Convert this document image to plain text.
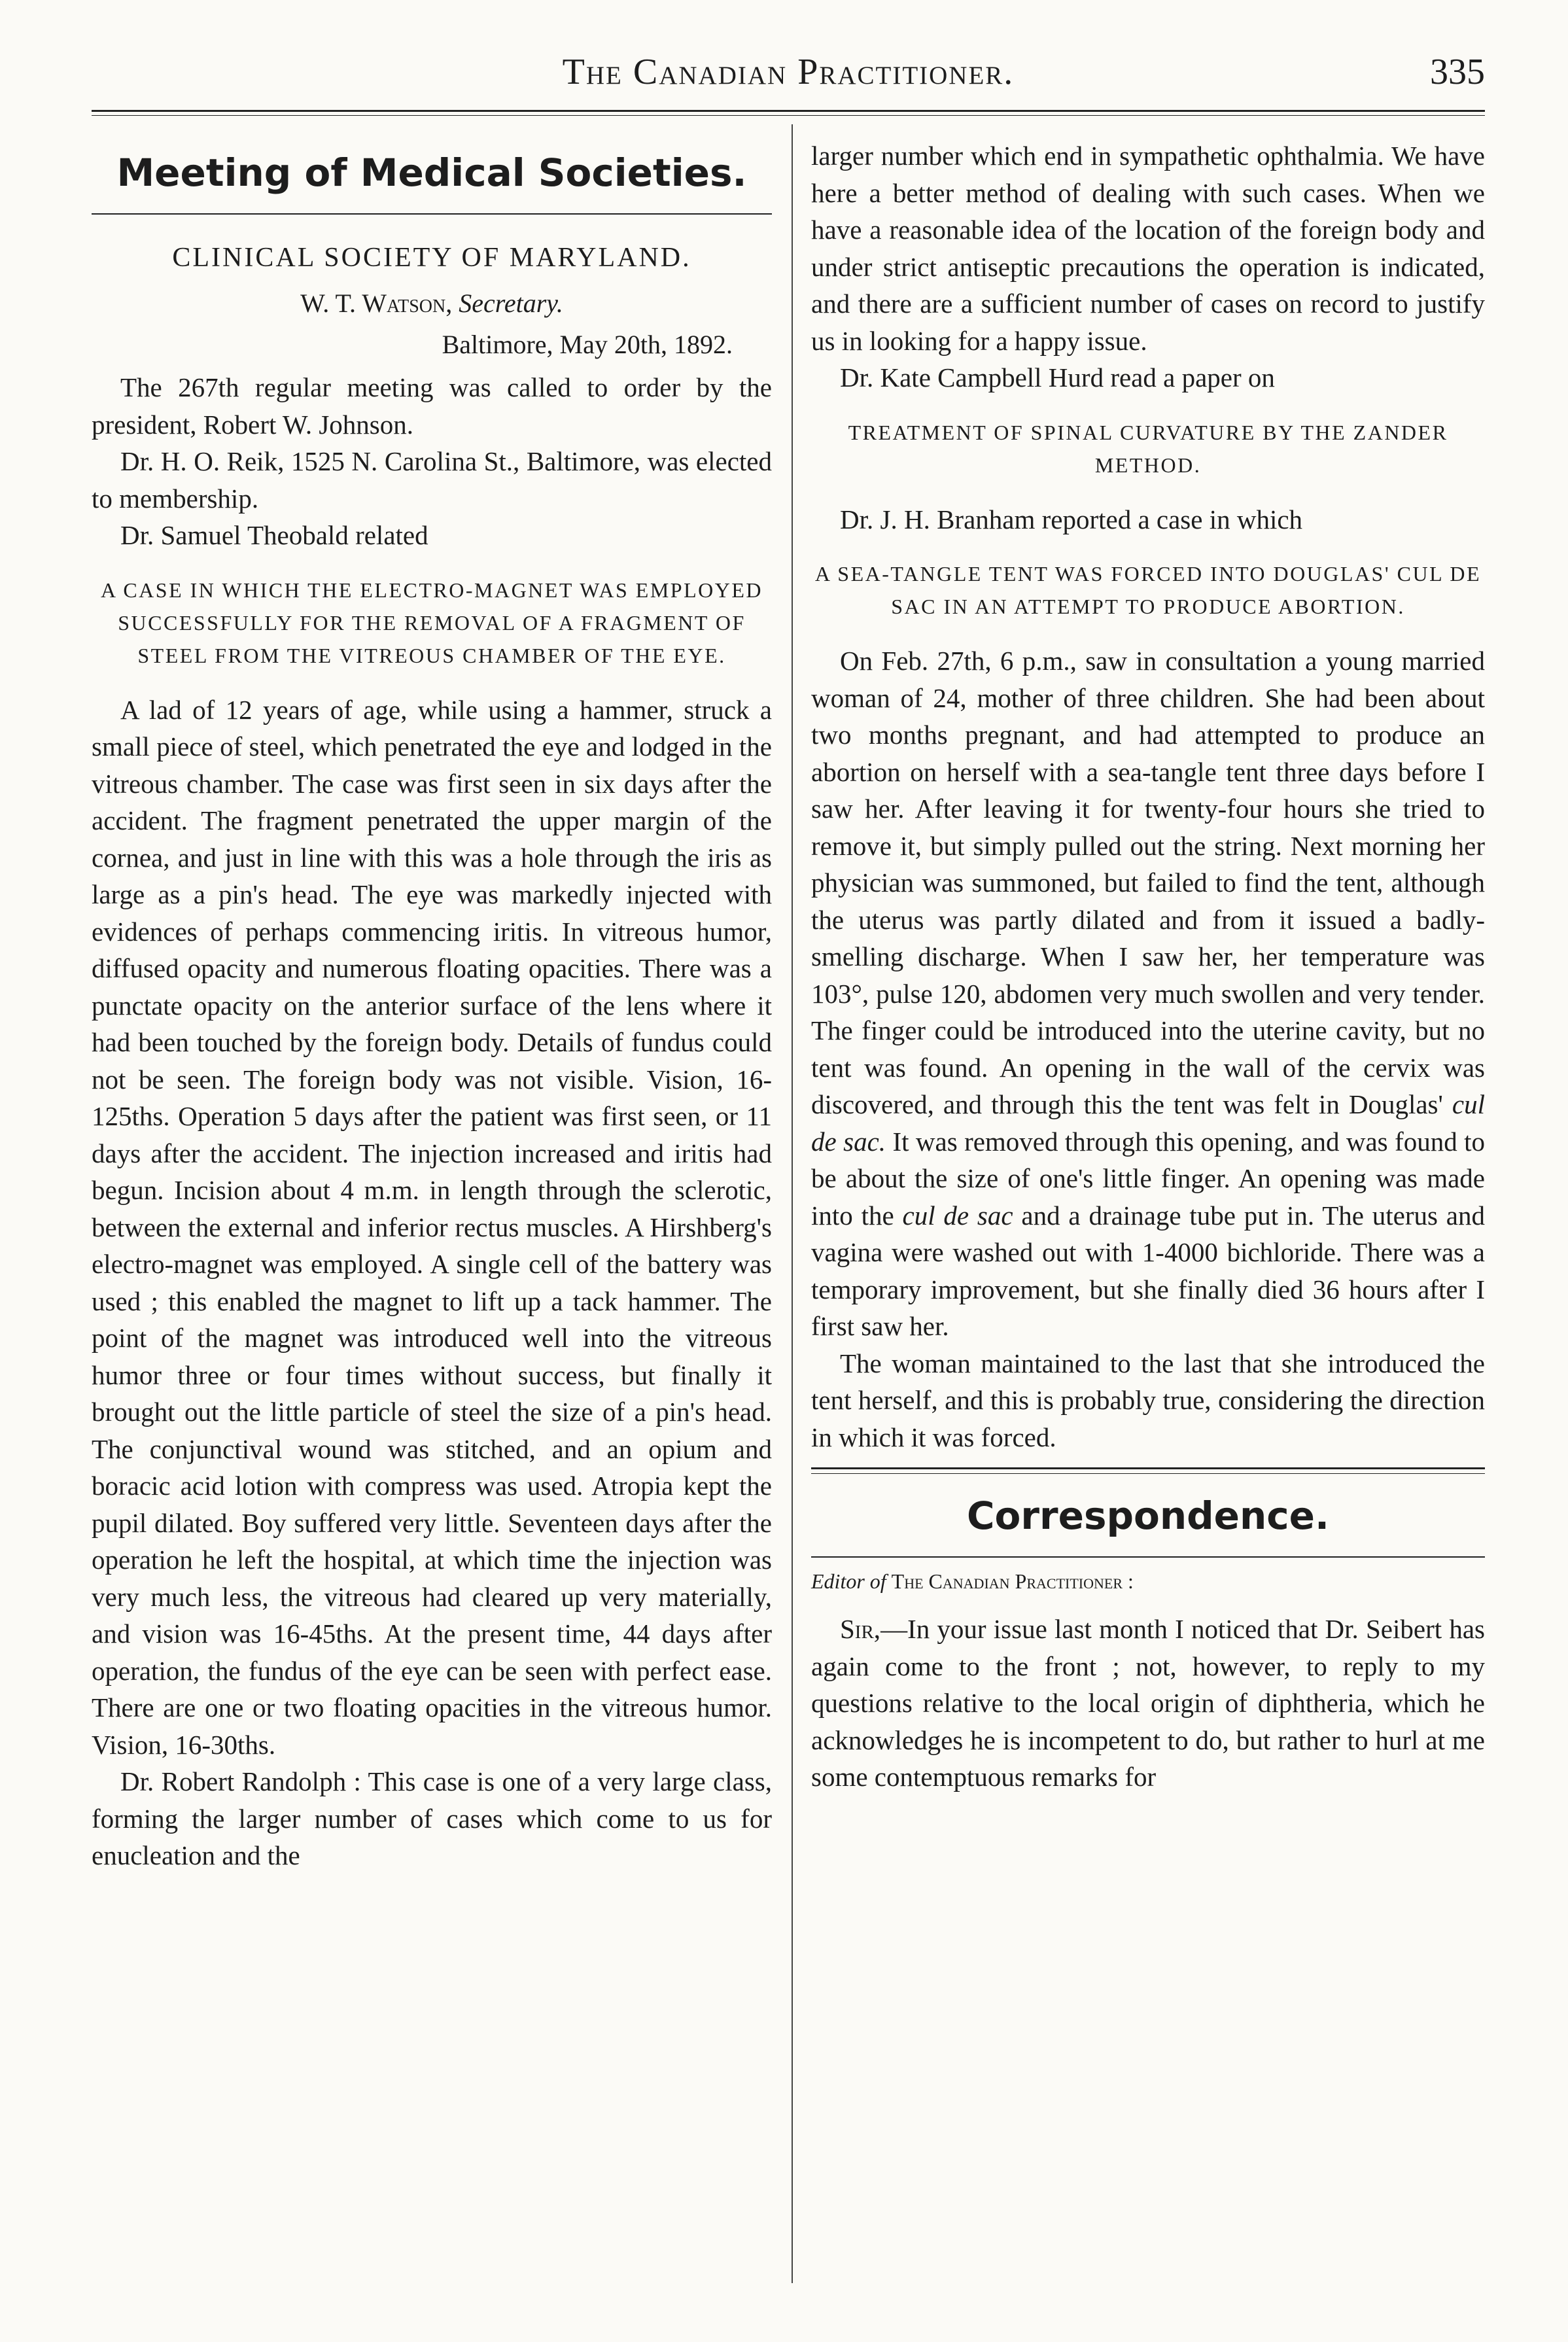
The Canadian Practitioner.	335
Meeting of Medical Societies.
CLINICAL SOCIETY OF MARYLAND.
W. T. Watson, Secretary.
Baltimore, May 20th, 1892.

The 267th regular meeting was called to order by the president, Robert W. Johnson.

Dr. H. O. Reik, 1525 N. Carolina St., Baltimore, was elected to membership.

Dr. Samuel Theobald related

A CASE IN WHICH THE ELECTRO-MAGNET WAS EMPLOYED SUCCESSFULLY FOR THE REMOVAL OF A FRAGMENT OF STEEL FROM THE VITREOUS CHAMBER OF THE EYE.

A lad of 12 years of age, while using a hammer, struck a small piece of steel, which penetrated the eye and lodged in the vitreous chamber. The case was first seen in six days after the accident. The fragment penetrated the upper margin of the cornea, and just in line with this was a hole through the iris as large as a pin's head. The eye was markedly injected with evidences of perhaps commencing iritis. In vitreous humor, diffused opacity and numerous floating opacities. There was a punctate opacity on the anterior surface of the lens where it had been touched by the foreign body. Details of fundus could not be seen. The foreign body was not visible. Vision, 16-125ths. Operation 5 days after the patient was first seen, or 11 days after the accident. The injection increased and iritis had begun. Incision about 4 m.m. in length through the sclerotic, between the external and inferior rectus muscles. A Hirshberg's electro-magnet was employed. A single cell of the battery was used ; this enabled the magnet to lift up a tack hammer. The point of the magnet was introduced well into the vitreous humor three or four times without success, but finally it brought out the little particle of steel the size of a pin's head. The conjunctival wound was stitched, and an opium and boracic acid lotion with compress was used. Atropia kept the pupil dilated. Boy suffered very little. Seventeen days after the operation he left the hospital, at which time the injection was very much less, the vitreous had cleared up very materially, and vision was 16-45ths. At the present time, 44 days after operation, the fundus of the eye can be seen with perfect ease. There are one or two floating opacities in the vitreous humor. Vision, 16-30ths.

Dr. Robert Randolph : This case is one of a very large class, forming the larger number of cases which come to us for enucleation and the

larger number which end in sympathetic ophthalmia. We have here a better method of dealing with such cases. When we have a reasonable idea of the location of the foreign body and under strict antiseptic precautions the operation is indicated, and there are a sufficient number of cases on record to justify us in looking for a happy issue.

Dr. Kate Campbell Hurd read a paper on

TREATMENT OF SPINAL CURVATURE BY THE ZANDER METHOD.

Dr. J. H. Branham reported a case in which

A SEA-TANGLE TENT WAS FORCED INTO DOUGLAS' CUL DE SAC IN AN ATTEMPT TO PRODUCE ABORTION.

On Feb. 27th, 6 p.m., saw in consultation a young married woman of 24, mother of three children. She had been about two months pregnant, and had attempted to produce an abortion on herself with a sea-tangle tent three days before I saw her. After leaving it for twenty-four hours she tried to remove it, but simply pulled out the string. Next morning her physician was summoned, but failed to find the tent, although the uterus was partly dilated and from it issued a badly-smelling discharge. When I saw her, her temperature was 103°, pulse 120, abdomen very much swollen and very tender. The finger could be introduced into the uterine cavity, but no tent was found. An opening in the wall of the cervix was discovered, and through this the tent was felt in Douglas' cul de sac. It was removed through this opening, and was found to be about the size of one's little finger. An opening was made into the cul de sac and a drainage tube put in. The uterus and vagina were washed out with 1-4000 bichloride. There was a temporary improvement, but she finally died 36 hours after I first saw her.

The woman maintained to the last that she introduced the tent herself, and this is probably true, considering the direction in which it was forced.

Correspondence.
Editor of The Canadian Practitioner :

Sir,—In your issue last month I noticed that Dr. Seibert has again come to the front ; not, however, to reply to my questions relative to the local origin of diphtheria, which he acknowledges he is incompetent to do, but rather to hurl at me some contemptuous remarks for
